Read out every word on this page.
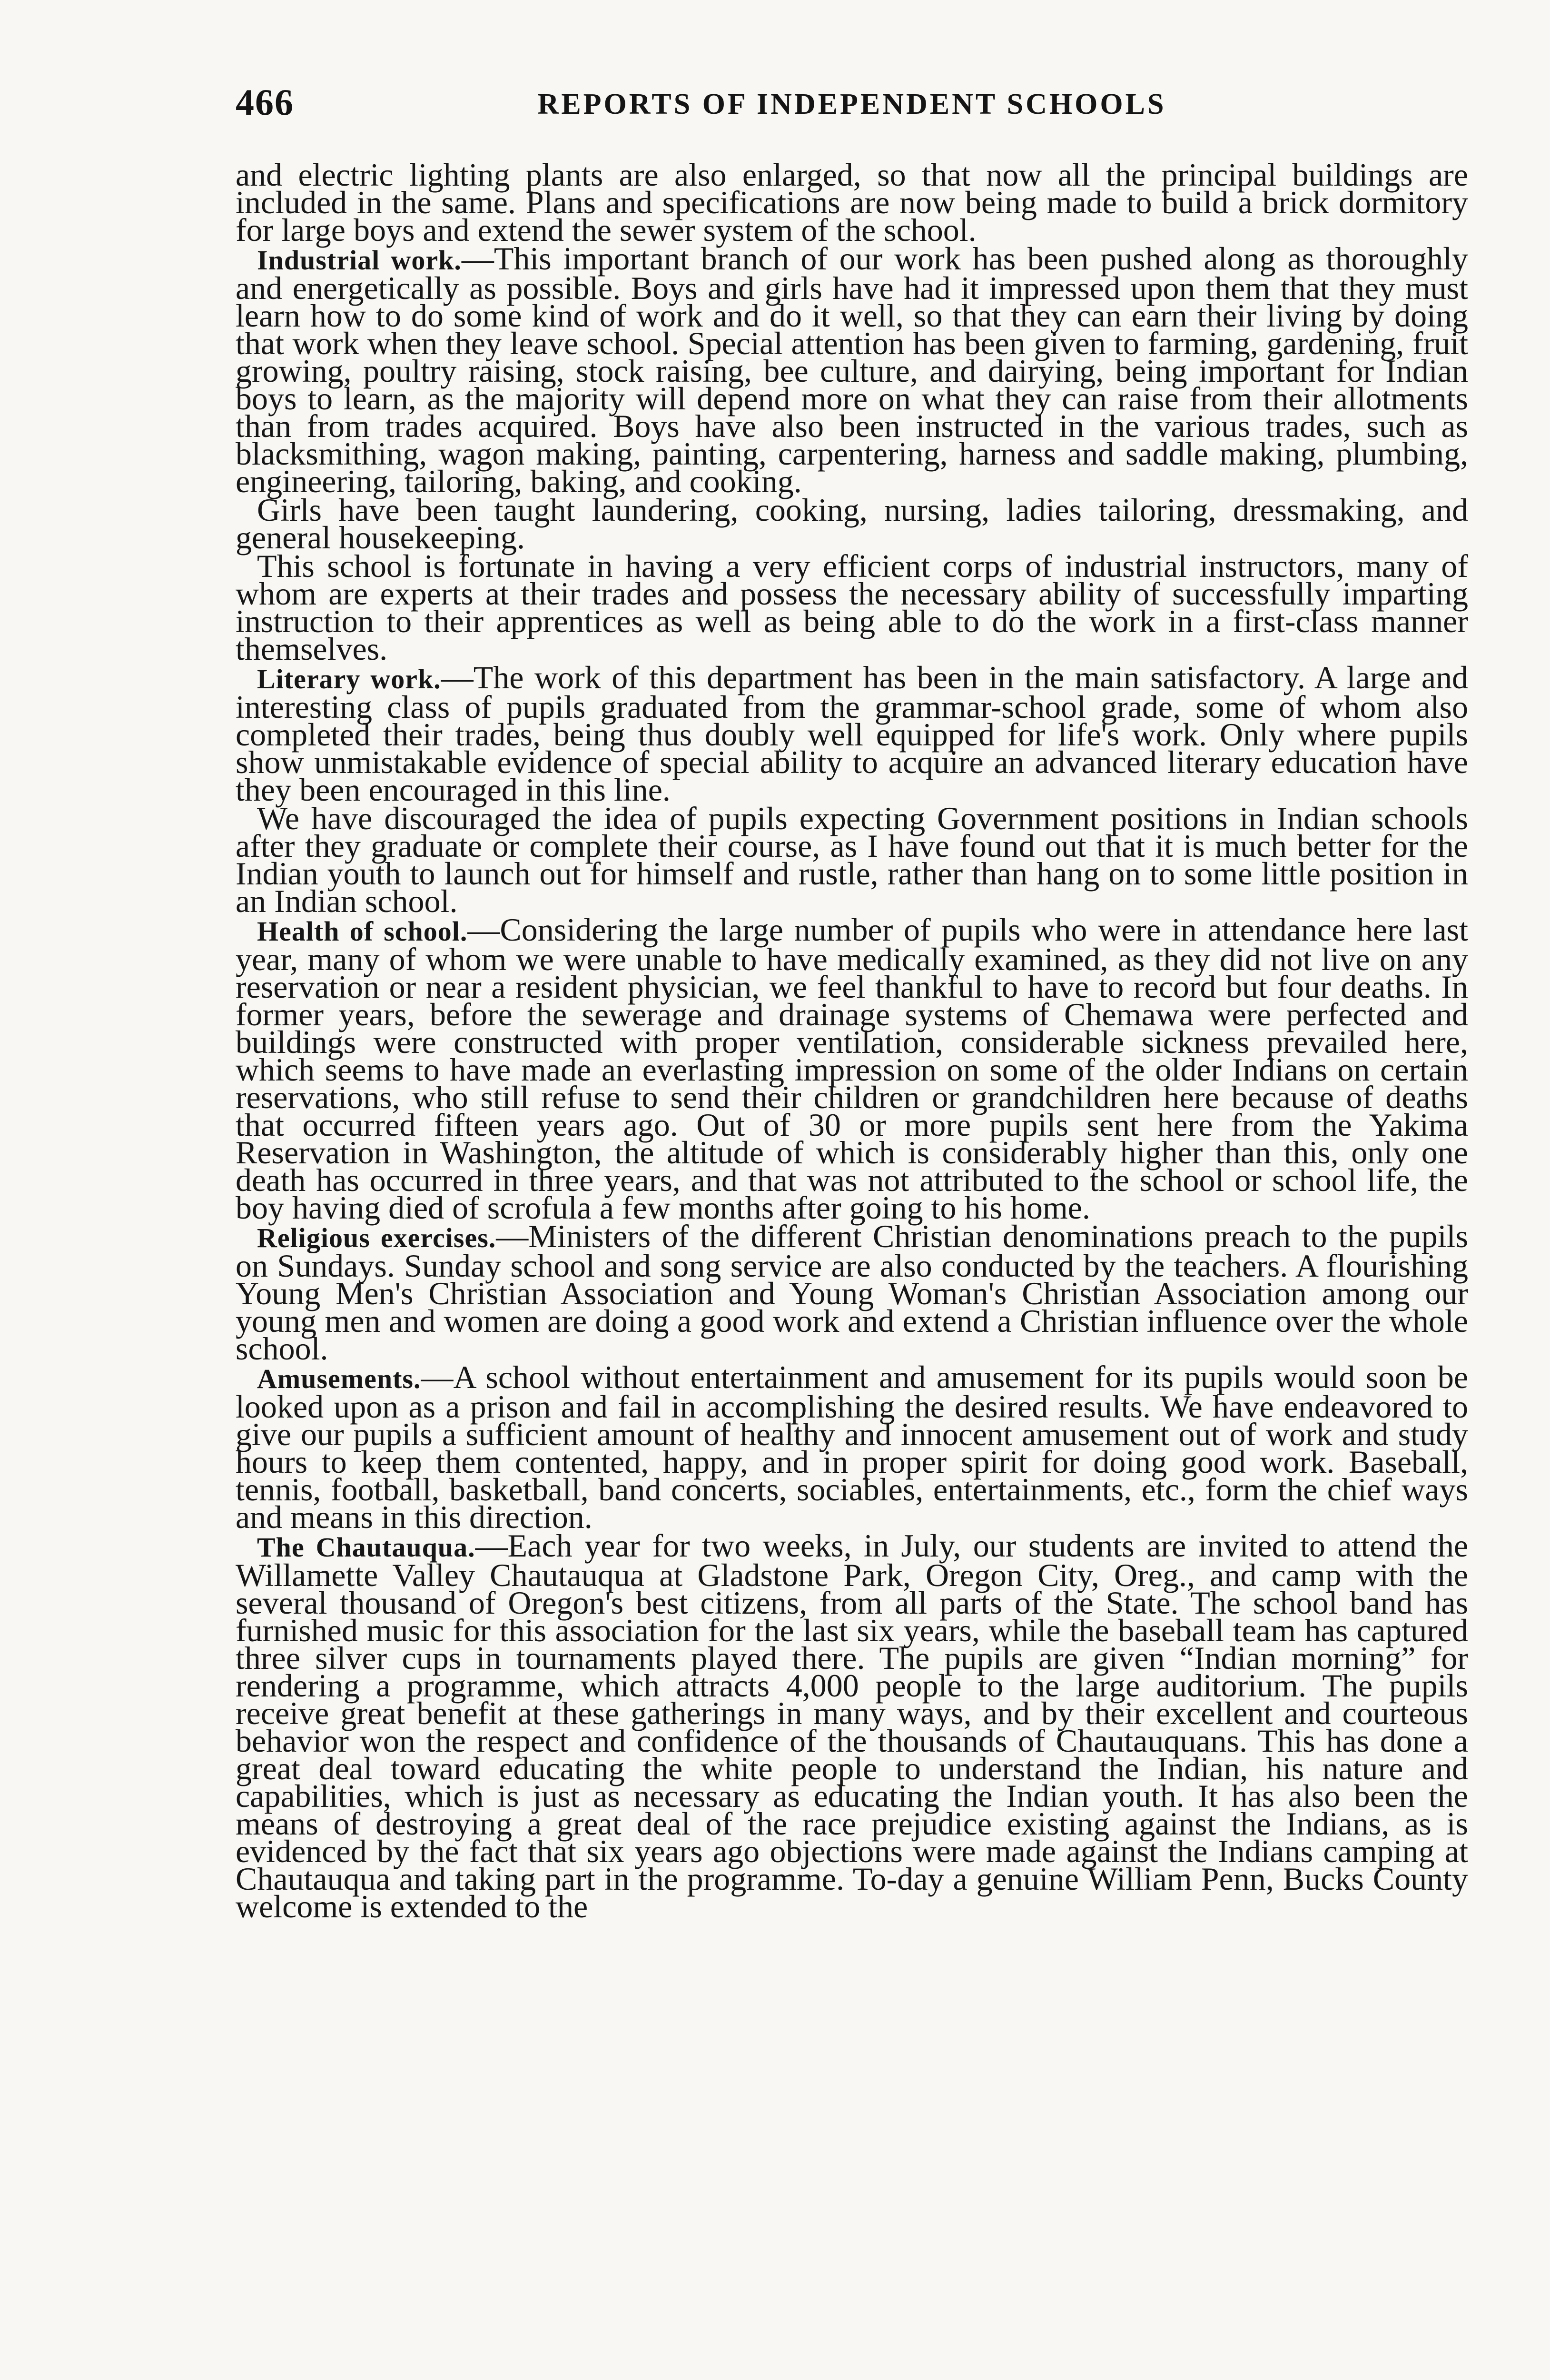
466	REPORTS OF INDEPENDENT SCHOOLS

and electric lighting plants are also enlarged, so that now all the principal buildings are included in the same. Plans and specifications are now being made to build a brick dormitory for large boys and extend the sewer system of the school.

Industrial work.—This important branch of our work has been pushed along as thoroughly and energetically as possible. Boys and girls have had it impressed upon them that they must learn how to do some kind of work and do it well, so that they can earn their living by doing that work when they leave school. Special attention has been given to farming, gardening, fruit growing, poultry raising, stock raising, bee culture, and dairying, being important for Indian boys to learn, as the majority will depend more on what they can raise from their allotments than from trades acquired. Boys have also been instructed in the various trades, such as blacksmithing, wagon making, painting, carpentering, harness and saddle making, plumbing, engineering, tailoring, baking, and cooking.

Girls have been taught laundering, cooking, nursing, ladies tailoring, dressmaking, and general housekeeping.

This school is fortunate in having a very efficient corps of industrial instructors, many of whom are experts at their trades and possess the necessary ability of successfully imparting instruction to their apprentices as well as being able to do the work in a first-class manner themselves.

Literary work.—The work of this department has been in the main satisfactory. A large and interesting class of pupils graduated from the grammar-school grade, some of whom also completed their trades, being thus doubly well equipped for life's work. Only where pupils show unmistakable evidence of special ability to acquire an advanced literary education have they been encouraged in this line.

We have discouraged the idea of pupils expecting Government positions in Indian schools after they graduate or complete their course, as I have found out that it is much better for the Indian youth to launch out for himself and rustle, rather than hang on to some little position in an Indian school.

Health of school.—Considering the large number of pupils who were in attendance here last year, many of whom we were unable to have medically examined, as they did not live on any reservation or near a resident physician, we feel thankful to have to record but four deaths. In former years, before the sewerage and drainage systems of Chemawa were perfected and buildings were constructed with proper ventilation, considerable sickness prevailed here, which seems to have made an everlasting impression on some of the older Indians on certain reservations, who still refuse to send their children or grandchildren here because of deaths that occurred fifteen years ago. Out of 30 or more pupils sent here from the Yakima Reservation in Washington, the altitude of which is considerably higher than this, only one death has occurred in three years, and that was not attributed to the school or school life, the boy having died of scrofula a few months after going to his home.

Religious exercises.—Ministers of the different Christian denominations preach to the pupils on Sundays. Sunday school and song service are also conducted by the teachers. A flourishing Young Men's Christian Association and Young Woman's Christian Association among our young men and women are doing a good work and extend a Christian influence over the whole school.

Amusements.—A school without entertainment and amusement for its pupils would soon be looked upon as a prison and fail in accomplishing the desired results. We have endeavored to give our pupils a sufficient amount of healthy and innocent amusement out of work and study hours to keep them contented, happy, and in proper spirit for doing good work. Baseball, tennis, football, basketball, band concerts, sociables, entertainments, etc., form the chief ways and means in this direction.

The Chautauqua.—Each year for two weeks, in July, our students are invited to attend the Willamette Valley Chautauqua at Gladstone Park, Oregon City, Oreg., and camp with the several thousand of Oregon's best citizens, from all parts of the State. The school band has furnished music for this association for the last six years, while the baseball team has captured three silver cups in tournaments played there. The pupils are given “Indian morning” for rendering a programme, which attracts 4,000 people to the large auditorium. The pupils receive great benefit at these gatherings in many ways, and by their excellent and courteous behavior won the respect and confidence of the thousands of Chautauquans. This has done a great deal toward educating the white people to understand the Indian, his nature and capabilities, which is just as necessary as educating the Indian youth. It has also been the means of destroying a great deal of the race prejudice existing against the Indians, as is evidenced by the fact that six years ago objections were made against the Indians camping at Chautauqua and taking part in the programme. To-day a genuine William Penn, Bucks County welcome is extended to the
